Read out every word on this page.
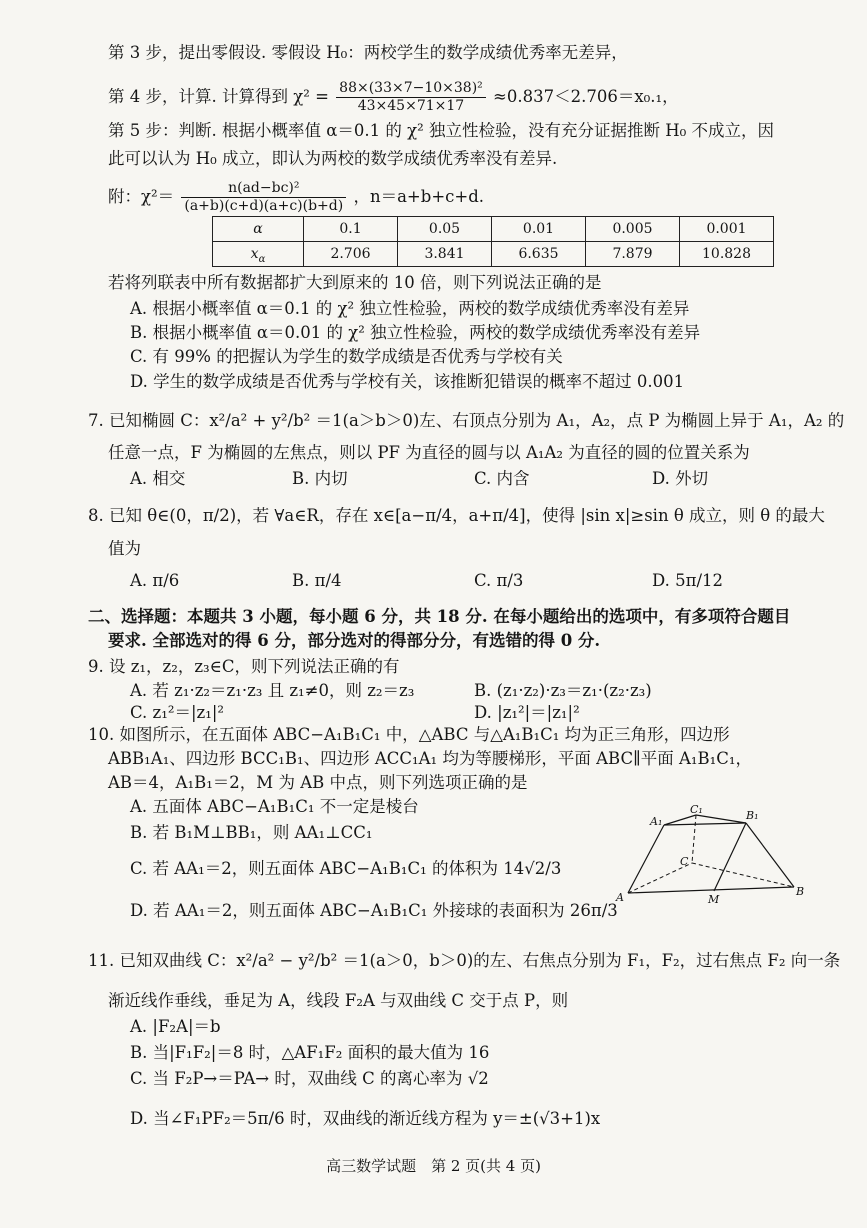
第 3 步，提出零假设. 零假设 H₀：两校学生的数学成绩优秀率无差异，
第 4 步，计算. 计算得到 $\chi^2 = \frac{\text{88×(33×7−10×38)²}}{43\times 45\times 71\times 17} \approx 0.837<2.706=x_0._1$，
第 5 步：判断. 根据小概率值 α＝0.1 的 χ² 独立性检验，没有充分证据推断 H₀ 不成立，因
此可以认为 H₀ 成立，即认为两校的数学成绩优秀率没有差异.
附：$\chi^2= \frac{\text{n(ad−bc)²}}{(a+b)(c+d)(a+c)(b+d)}$ ，n＝a+b+c+d.
α	0.1	0.05	0.01	0.005	0.001
$x_\alpha$	2.706	3.841	6.635	7.879	10.828
若将列联表中所有数据都扩大到原来的 10 倍，则下列说法正确的是
A. 根据小概率值 α＝0.1 的 χ² 独立性检验，两校的数学成绩优秀率没有差异
B. 根据小概率值 α＝0.01 的 χ² 独立性检验，两校的数学成绩优秀率没有差异
C. 有 99% 的把握认为学生的数学成绩是否优秀与学校有关
D. 学生的数学成绩是否优秀与学校有关，该推断犯错误的概率不超过 0.001
7. 已知椭圆 C：x²/a² + y²/b² ＝1(a＞b＞0)左、右顶点分别为 A₁，A₂，点 P 为椭圆上异于 A₁，A₂ 的
任意一点，F 为椭圆的左焦点，则以 PF 为直径的圆与以 A₁A₂ 为直径的圆的位置关系为
A. 相交	B. 内切	C. 内含	D. 外切
8. 已知 θ∈(0，π/2)，若 ∀a∈R，存在 x∈[a−π/4，a+π/4]，使得 |sin x|≥sin θ 成立，则 θ 的最大
值为
A. π/6	B. π/4	C. π/3	D. 5π/12
二、选择题：本题共 3 小题，每小题 6 分，共 18 分. 在每小题给出的选项中，有多项符合题目
要求. 全部选对的得 6 分，部分选对的得部分分，有选错的得 0 分.
9. 设 z₁，z₂，z₃∈C，则下列说法正确的有
A. 若 z₁·z₂＝z₁·z₃ 且 z₁≠0，则 z₂＝z₃	B. (z₁·z₂)·z₃＝z₁·(z₂·z₃)
C. z₁²＝|z₁|²	D. |z₁²|＝|z₁|²
10. 如图所示，在五面体 ABC−A₁B₁C₁ 中，△ABC 与△A₁B₁C₁ 均为正三角形，四边形
ABB₁A₁、四边形 BCC₁B₁、四边形 ACC₁A₁ 均为等腰梯形，平面 ABC∥平面 A₁B₁C₁，
AB＝4，A₁B₁＝2，M 为 AB 中点，则下列选项正确的是
A. 五面体 ABC−A₁B₁C₁ 不一定是棱台
B. 若 B₁M⊥BB₁，则 AA₁⊥CC₁
C. 若 AA₁＝2，则五面体 ABC−A₁B₁C₁ 的体积为 14√2/3
D. 若 AA₁＝2，则五面体 ABC−A₁B₁C₁ 外接球的表面积为 26π/3
A	B
C
A₁	B₁
C₁
M
11. 已知双曲线 C：x²/a² − y²/b² ＝1(a＞0，b＞0)的左、右焦点分别为 F₁，F₂，过右焦点 F₂ 向一条
渐近线作垂线，垂足为 A，线段 F₂A 与双曲线 C 交于点 P，则
A. |F₂A|＝b
B. 当|F₁F₂|＝8 时，△AF₁F₂ 面积的最大值为 16
C. 当 F₂P→＝PA→ 时，双曲线 C 的离心率为 √2
D. 当∠F₁PF₂＝5π/6 时，双曲线的渐近线方程为 y＝±(√3+1)x
高三数学试题　第 2 页(共 4 页)
